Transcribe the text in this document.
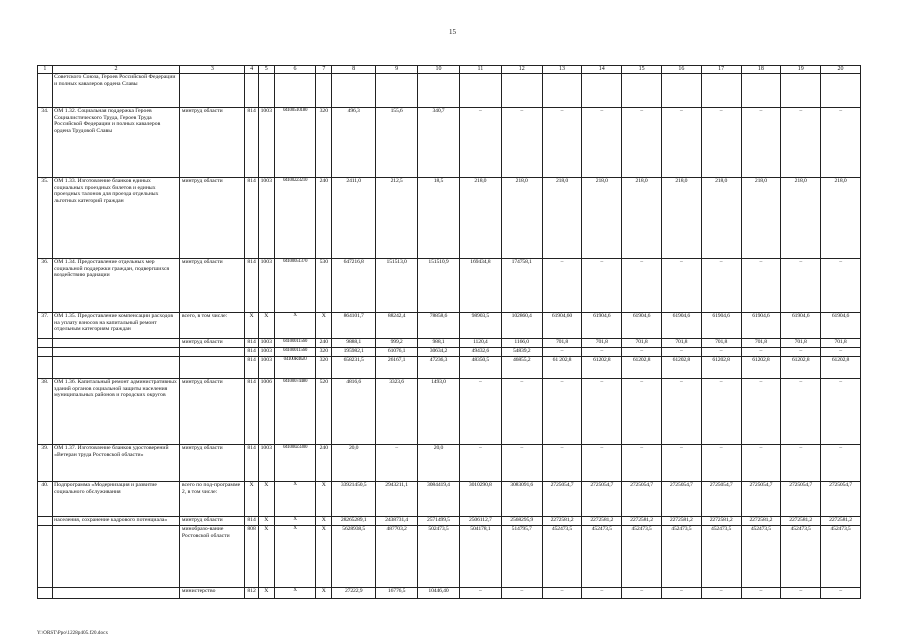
15
1	2	3	4	5	6	7	8	9	10	11	12	13	14	15	16	17	18	19	20
	Советского Союза, Героев Российской Федерации и полных кавалеров ордена Славы																		
34.	ОМ 1.32. Социальная поддержка Героев Социалистического Труда, Героев Труда Российской Федерации и полных кавалеров ордена Трудовой Славы	минтруд области	814	1003	04100510180	320	496,3	155,6	340,7	–	–	–	–	–	–	–	–	–	–
35.	ОМ 1.33. Изготовление бланков единых социальных проездных билетов и единых проездных талонов для проезда отдельных льготных категорий граждан	минтруд области	814	1003	04100223210	240	2411,0	212,5	18,5	218,0	218,0	218,0	218,0	218,0	218,0	218,0	218,0	218,0	218,0
36.	ОМ 1.34. Предоставление отдельных мер социальной поддержки граждан, подвергшихся воздействию радиации	минтруд области	814	1003	04100051370	530	647216,8	151513,0	151510,9	169434,8	174758,1	–	–	–	–	–	–	–	–
37.	ОМ 1.35. Предоставление компенсации расходов на уплату взносов на капитальный ремонт отдельным категориям граждан	всего, в том числе:	X	X	X	X	864101,7	88242,4	78858,6	98903,5	102860,4	61904,60	61904,6	61904,6	61904,6	61904,6	61904,6	61904,6	61904,6
		минтруд области	814	1003	04100011560	240	9888,1	999,2	988,1	1120,4	1166,0	701,8	701,8	701,8	701,8	701,8	701,8	701,8	701,8
			814	1003	04100011560	320	195982,1	61076,1	30634,2	49432,6	54839,2	–	–	–	–	–	–	–	–
			814	1003	04100R4620	320	658231,5	26167,1	47236,3	48350,5	46855,2	61 202,8	61202,8	61202,8	61202,8	61202,8	61202,8	61202,8	61202,8
38.	ОМ 1.36. Капитальный ремонт административных зданий органов социальной защиты населения муниципальных районов и городских округов	минтруд области	814	1006	04100074480	520	4816,6	3323,6	1493,0	–	–	–	–	–	–	–	–	–	–
39.	ОМ 1.37. Изготовление бланков удостоверений «Ветеран труда Ростовской области»	минтруд области	814	1003	04100023300	240	20,0	–	20,0	–	–	–	–	–	–	–	–	–	–
40.	Подпрограмма «Модернизация и развитие социального обслуживания	всего по под-программе 2, в том числе:	X	X	X	X	33921450,5	2943211,1	3084419,4	3010290,8	3083091,6	2725054,7	2725054,7	2725054,7	2725054,7	2725054,7	2725054,7	2725054,7	2725054,7
	населения, сохранение кадрового потенциала»	минтруд области	814	X	X	X	28265289,1	2438731,4	2571499,5	2506112,7	2568295,9	2272581,2	2272581,2	2272581,2	2272581,2	2272581,2	2272581,2	2272581,2	2272581,2
		минобразо-вание Ростовской области	808	X	X	X	5628938,5	487703,2	502473,5	504178,1	514795,7	452473,5	452473,5	452473,5	452473,5	452473,5	452473,5	452473,5	452473,5
		министерство	812	X	X	X	27222,9	16776,5	10446,40	–	–	–	–	–	–	–	–	–	–
Y:\ORST\Ppo\1228p405.f20.docx
